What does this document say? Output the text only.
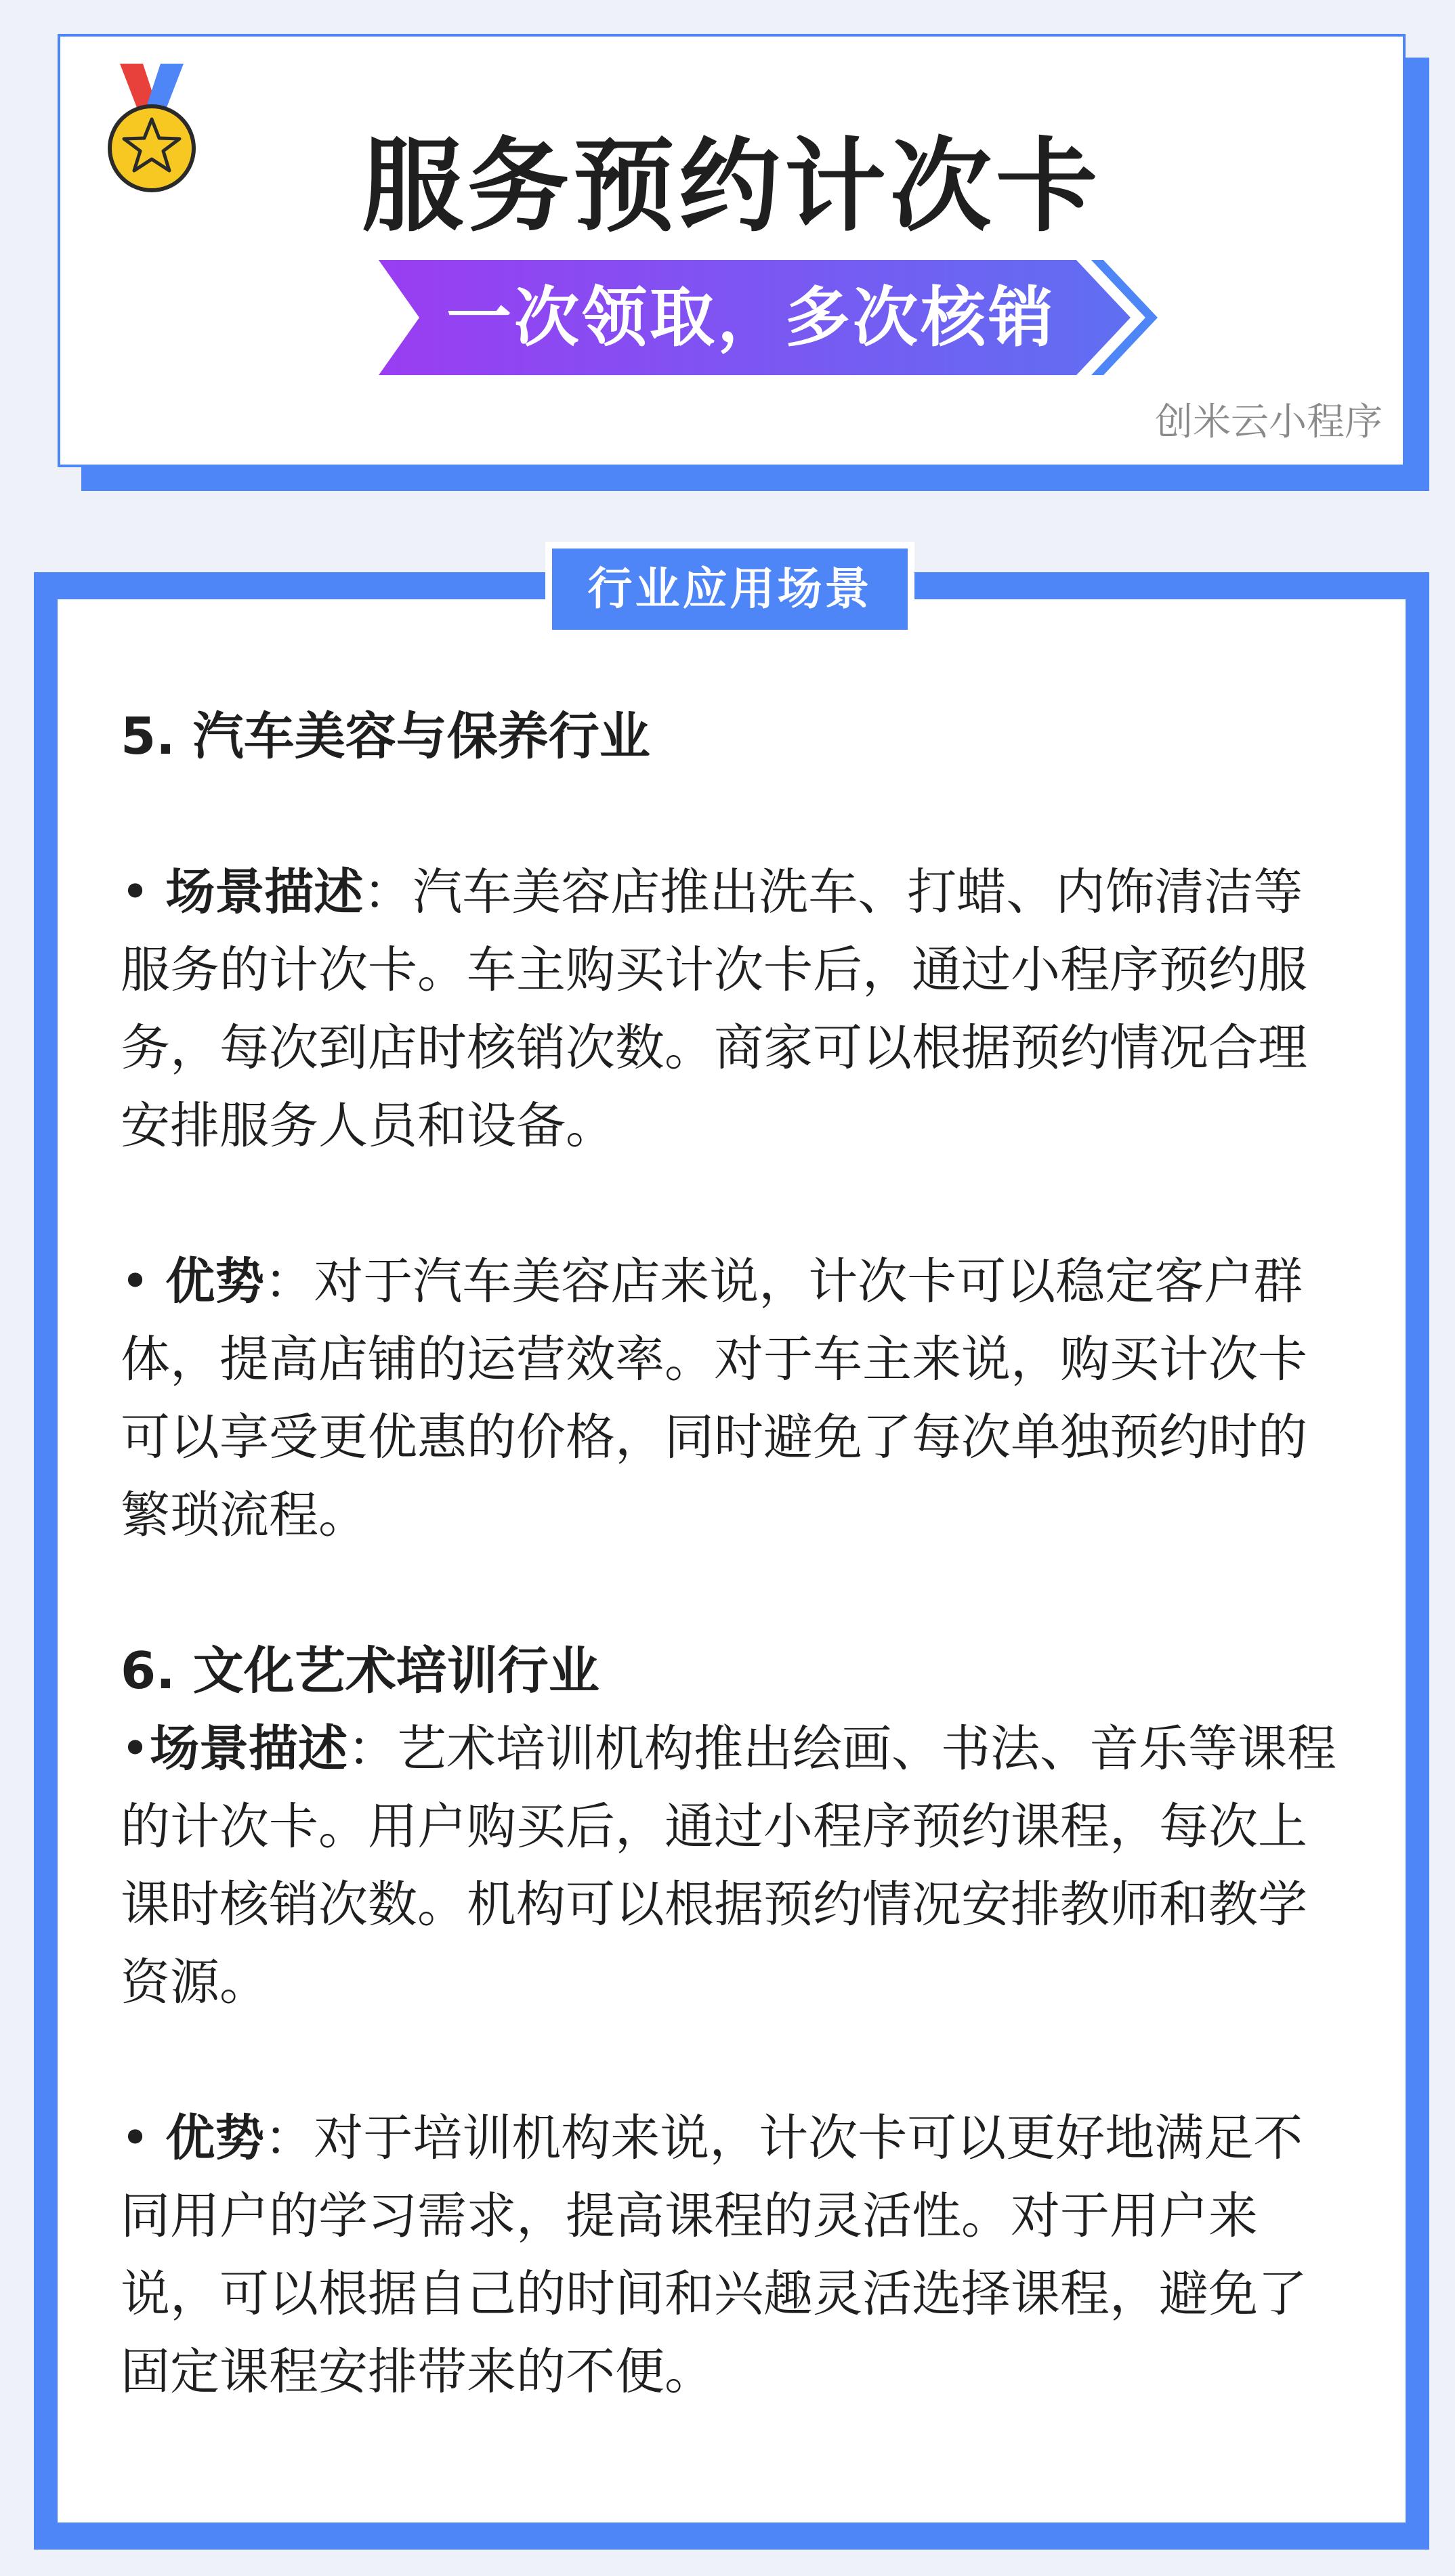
服务预约计次卡
一次领取，多次核销
创米云小程序
行业应用场景

5. 汽车美容与保养行业

• 场景描述：汽车美容店推出洗车、打蜡、内饰清洁等服务的计次卡。车主购买计次卡后，通过小程序预约服务，每次到店时核销次数。商家可以根据预约情况合理安排服务人员和设备。

• 优势：对于汽车美容店来说，计次卡可以稳定客户群体，提高店铺的运营效率。对于车主来说，购买计次卡可以享受更优惠的价格，同时避免了每次单独预约时的繁琐流程。

6. 文化艺术培训行业

•场景描述：艺术培训机构推出绘画、书法、音乐等课程的计次卡。用户购买后，通过小程序预约课程，每次上课时核销次数。机构可以根据预约情况安排教师和教学资源。

• 优势：对于培训机构来说，计次卡可以更好地满足不同用户的学习需求，提高课程的灵活性。对于用户来说，可以根据自己的时间和兴趣灵活选择课程，避免了固定课程安排带来的不便。
